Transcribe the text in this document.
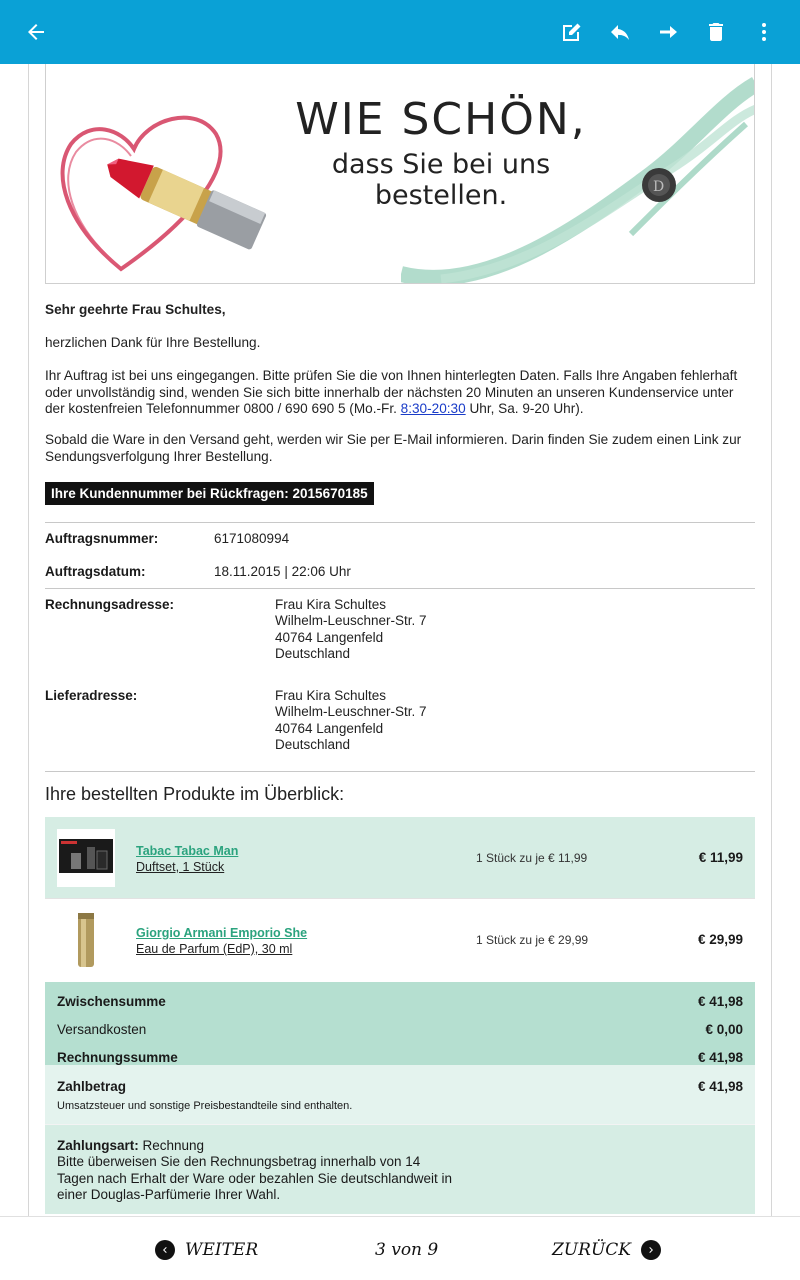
WIE SCHÖN,
dass Sie bei uns bestellen.	D
Sehr geehrte Frau Schultes,
herzlichen Dank für Ihre Bestellung.
Ihr Auftrag ist bei uns eingegangen. Bitte prüfen Sie die von Ihnen hinterlegten Daten. Falls Ihre Angaben fehlerhaft oder unvollständig sind, wenden Sie sich bitte innerhalb der nächsten 20 Minuten an unseren Kundenservice unter der kostenfreien Telefonnummer 0800 / 690 690 5 (Mo.-Fr. 8:30-20:30 Uhr, Sa. 9-20 Uhr).
Sobald die Ware in den Versand geht, werden wir Sie per E-Mail informieren. Darin finden Sie zudem einen Link zur Sendungsverfolgung Ihrer Bestellung.
Ihre Kundennummer bei Rückfragen: 2015670185
Auftragsnummer:	6171080994
Auftragsdatum:	18.11.2015 | 22:06 Uhr
Rechnungsadresse:	Frau Kira Schultes
Wilhelm-Leuschner-Str. 7
40764 Langenfeld
Deutschland
Lieferadresse:	Frau Kira Schultes
Wilhelm-Leuschner-Str. 7
40764 Langenfeld
Deutschland
Ihre bestellten Produkte im Überblick:
Tabac Tabac Man
Duftset, 1 Stück
1 Stück zu je € 11,99	€ 11,99
Giorgio Armani Emporio She
Eau de Parfum (EdP), 30 ml
1 Stück zu je € 29,99	€ 29,99
Zwischensumme	€ 41,98
Versandkosten	€ 0,00
Rechnungssumme	€ 41,98
Zahlbetrag	€ 41,98
Umsatzsteuer und sonstige Preisbestandteile sind enthalten.
Zahlungsart: Rechnung
Bitte überweisen Sie den Rechnungsbetrag innerhalb von 14 Tagen nach Erhalt der Ware oder bezahlen Sie deutschlandweit in einer Douglas-Parfümerie Ihrer Wahl.
WEITER	3 von 9	ZURÜCK
